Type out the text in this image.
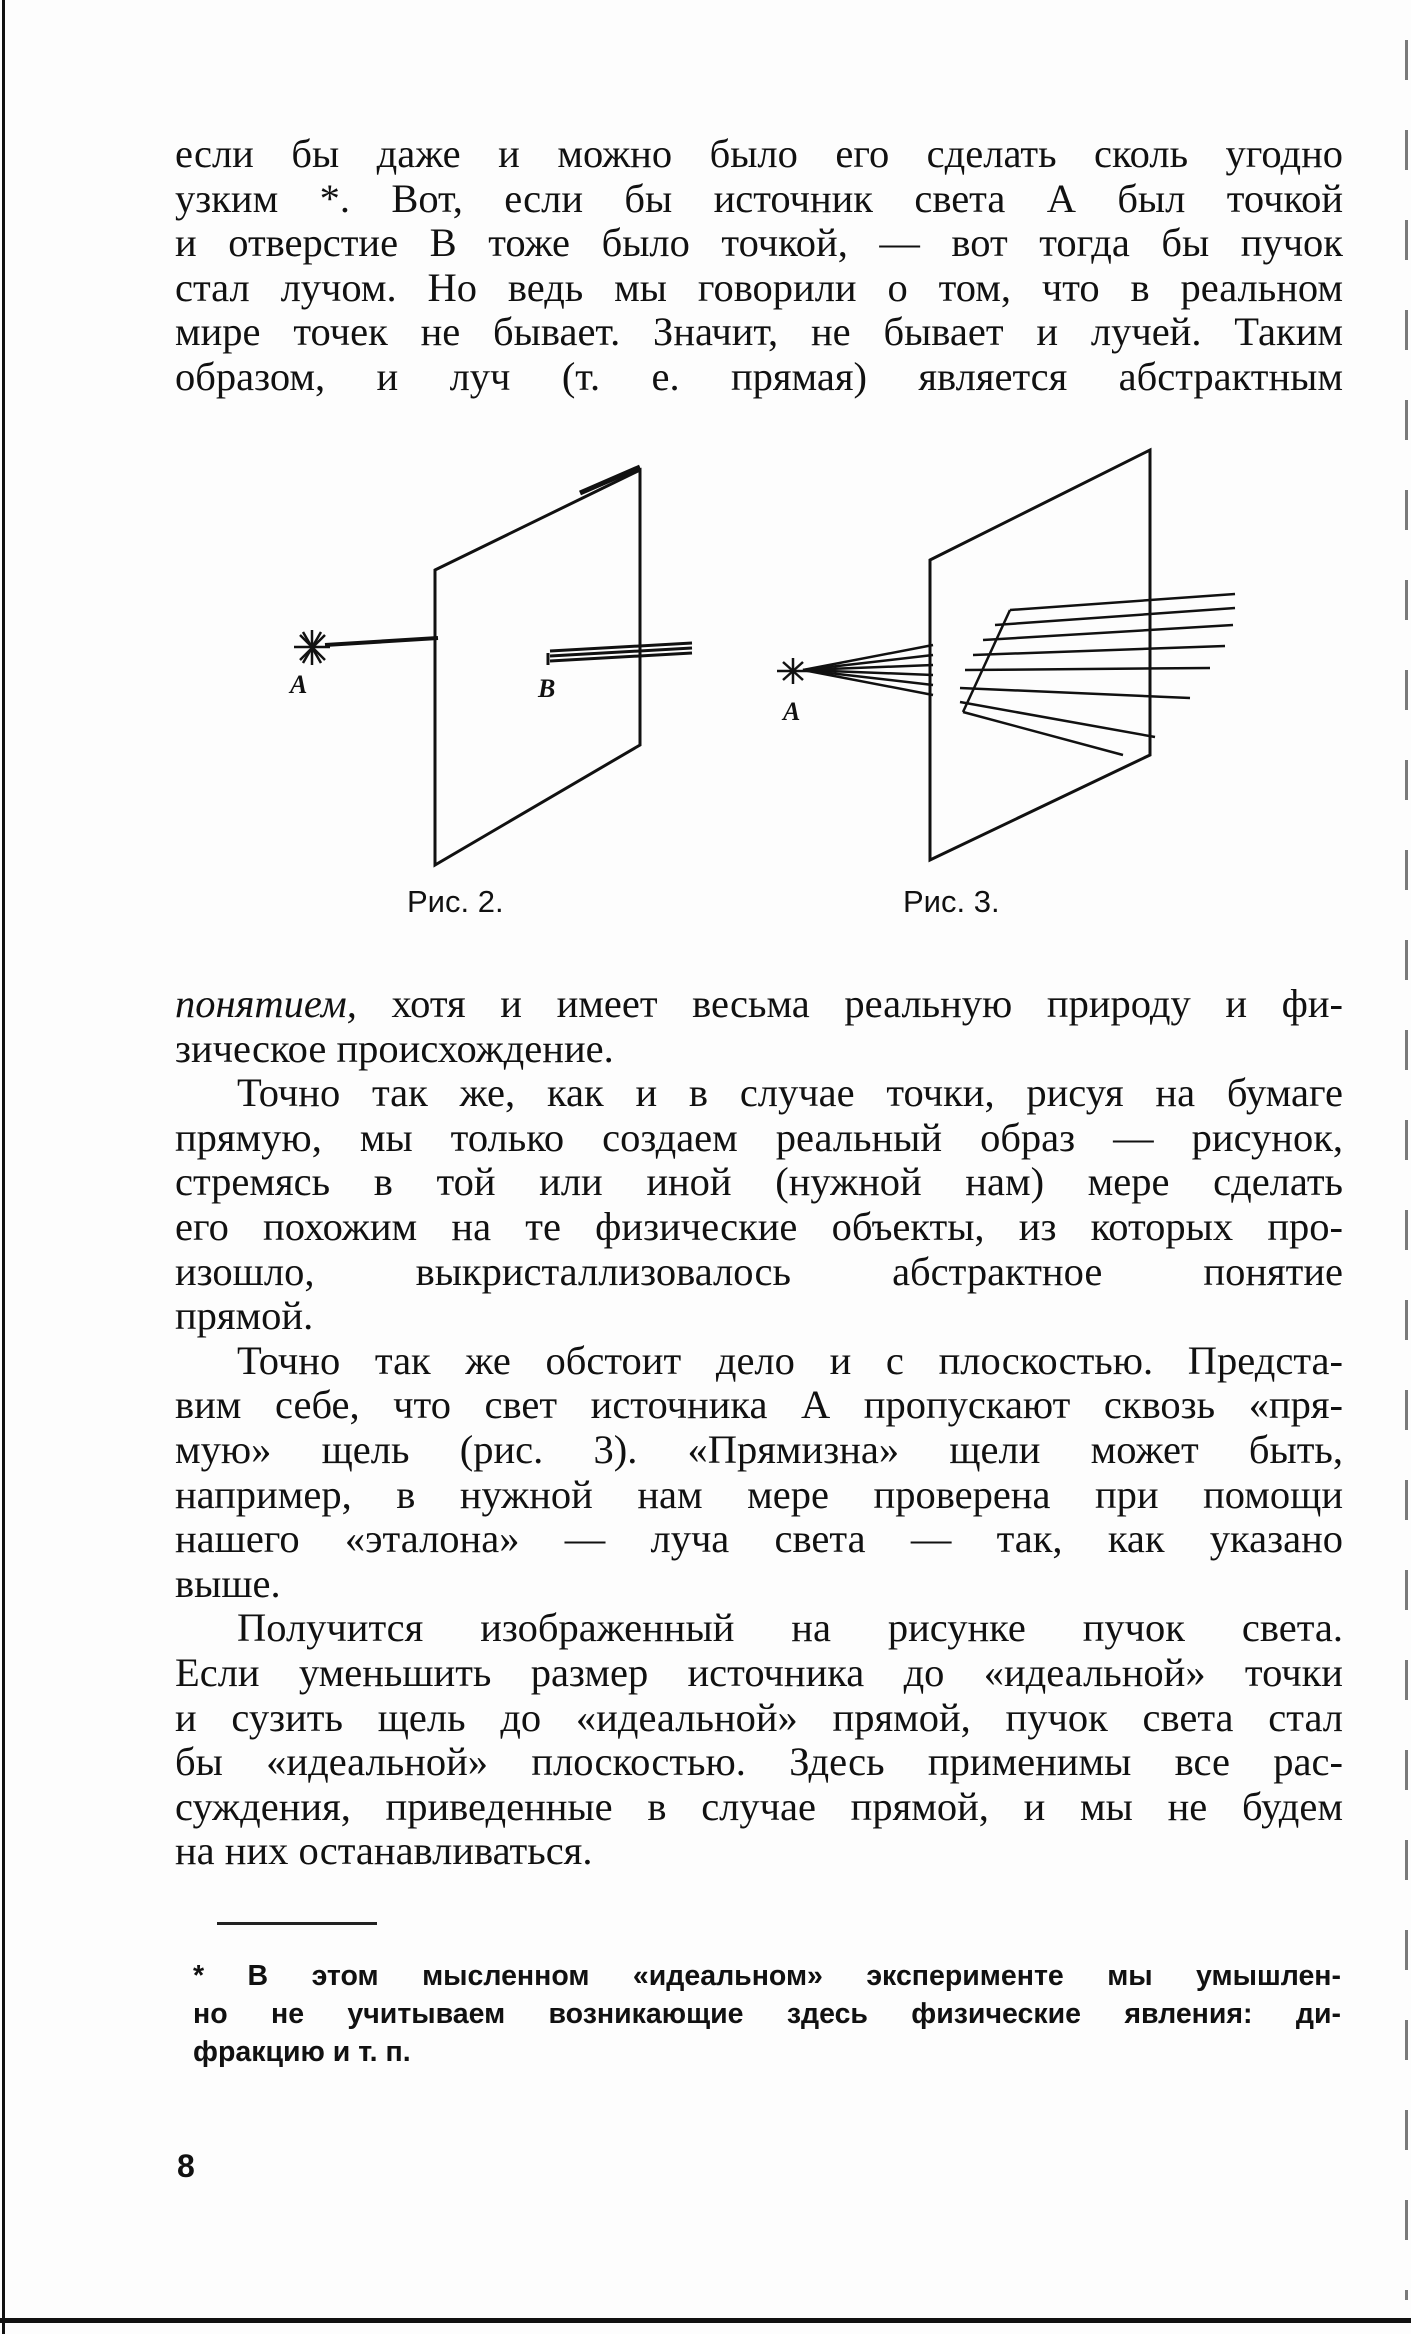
если бы даже и можно было его сделать сколь угодно
узким *. Вот, если бы источник света А был точкой
и отверстие B тоже было точкой, — вот тогда бы пучок
стал лучом. Но ведь мы говорили о том, что в реальном
мире точек не бывает. Значит, не бывает и лучей. Таким
образом, и луч (т. е. прямая) является абстрактным
A	B
A
Рис. 2.	Рис. 3.

понятием, хотя и имеет весьма реальную природу и фи-
зическое происхождение.

Точно так же, как и в случае точки, рисуя на бумаге
прямую, мы только создаем реальный образ — рисунок,
стремясь в той или иной (нужной нам) мере сделать
его похожим на те физические объекты, из которых про-
изошло, выкристаллизовалось абстрактное понятие
прямой.

Точно так же обстоит дело и с плоскостью. Предста-
вим себе, что свет источника А пропускают сквозь «пря-
мую» щель (рис. 3). «Прямизна» щели может быть,
например, в нужной нам мере проверена при помощи
нашего «эталона» — луча света — так, как указано
выше.

Получится изображенный на рисунке пучок света.
Если уменьшить размер источника до «идеальной» точки
и сузить щель до «идеальной» прямой, пучок света стал
бы «идеальной» плоскостью. Здесь применимы все рас-
суждения, приведенные в случае прямой, и мы не будем
на них останавливаться.

* В этом мысленном «идеальном» эксперименте мы умышлен-
но не учитываем возникающие здесь физические явления: ди-
фракцию и т. п.
8
